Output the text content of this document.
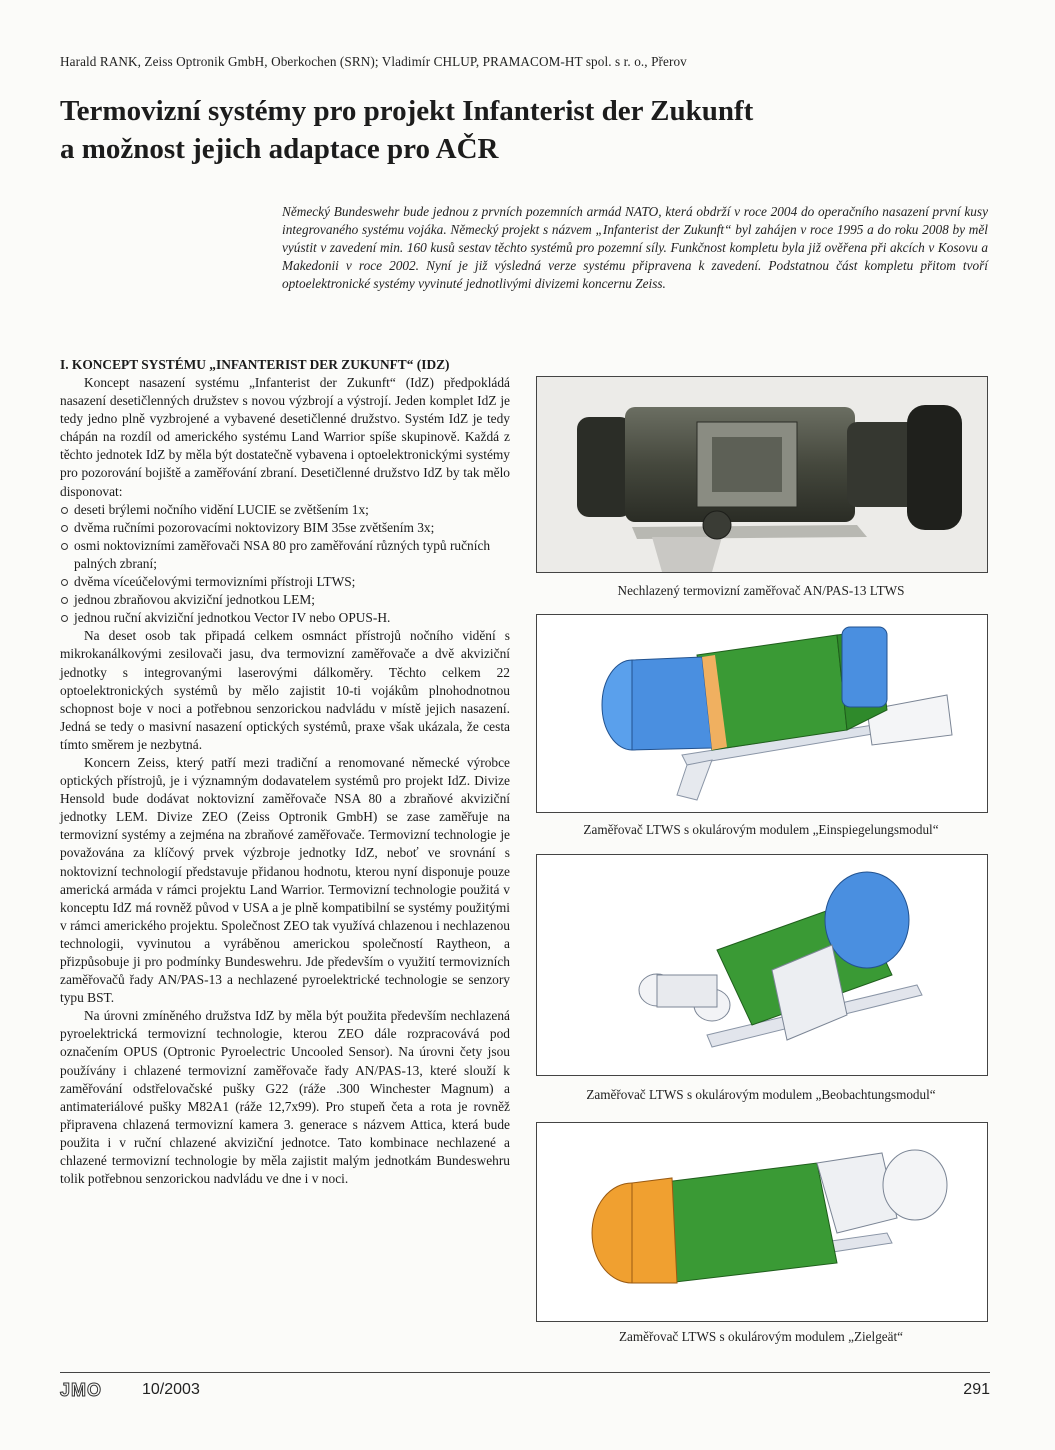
Harald RANK, Zeiss Optronik GmbH, Oberkochen (SRN); Vladimír CHLUP, PRAMACOM-HT spol. s r. o., Přerov
Termovizní systémy pro projekt Infanterist der Zukunft
a možnost jejich adaptace pro AČR
Německý Bundeswehr bude jednou z prvních pozemních armád NATO, která obdrží v roce 2004 do operačního nasazení první kusy integrovaného systému vojáka. Německý projekt s názvem „Infanterist der Zukunft“ byl zahájen v roce 1995 a do roku 2008 by měl vyústit v zavedení min. 160 kusů sestav těchto systémů pro pozemní síly. Funkčnost kompletu byla již ověřena při akcích v Kosovu a Makedonii v roce 2002. Nyní je již výsledná verze systému připravena k zavedení. Podstatnou část kompletu přitom tvoří optoelektronické systémy vyvinuté jednotlivými divizemi koncernu Zeiss.
I. KONCEPT SYSTÉMU „INFANTERIST DER ZUKUNFT“ (IDZ)

Koncept nasazení systému „Infanterist der Zukunft“ (IdZ) předpokládá nasazení desetičlenných družstev s novou výzbrojí a výstrojí. Jeden komplet IdZ je tedy jedno plně vyzbrojené a vybavené desetičlenné družstvo. Systém IdZ je tedy chápán na rozdíl od amerického systému Land Warrior spíše skupinově. Každá z těchto jednotek IdZ by měla být dostatečně vybavena i optoelektronickými systémy pro pozorování bojiště a zaměřování zbraní. Desetičlenné družstvo IdZ by tak mělo disponovat:

deseti brýlemi nočního vidění LUCIE se zvětšením 1x;
dvěma ručními pozorovacími noktovizory BIM 35se zvětšením 3x;
osmi noktovizními zaměřovači NSA 80 pro zaměřování různých typů ručních palných zbraní;
dvěma víceúčelovými termovizními přístroji LTWS;
jednou zbraňovou akviziční jednotkou LEM;
jednou ruční akviziční jednotkou Vector IV nebo OPUS-H.

Na deset osob tak připadá celkem osmnáct přístrojů nočního vidění s mikrokanálkovými zesilovači jasu, dva termovizní zaměřovače a dvě akviziční jednotky s integrovanými laserovými dálkoměry. Těchto celkem 22 optoelektronických systémů by mělo zajistit 10-ti vojákům plnohodnotnou schopnost boje v noci a potřebnou senzorickou nadvládu v místě jejich nasazení. Jedná se tedy o masivní nasazení optických systémů, praxe však ukázala, že cesta tímto směrem je nezbytná.

Koncern Zeiss, který patří mezi tradiční a renomované německé výrobce optických přístrojů, je i významným dodavatelem systémů pro projekt IdZ. Divize Hensold bude dodávat noktovizní zaměřovače NSA 80 a zbraňové akviziční jednotky LEM. Divize ZEO (Zeiss Optronik GmbH) se zase zaměřuje na termovizní systémy a zejména na zbraňové zaměřovače. Termovizní technologie je považována za klíčový prvek výzbroje jednotky IdZ, neboť ve srovnání s noktovizní technologií představuje přidanou hodnotu, kterou nyní disponuje pouze americká armáda v rámci projektu Land Warrior. Termovizní technologie použitá v konceptu IdZ má rovněž původ v USA a je plně kompatibilní se systémy použitými v rámci amerického projektu. Společnost ZEO tak využívá chlazenou i nechlazenou technologii, vyvinutou a vyráběnou americkou společností Raytheon, a přizpůsobuje ji pro podmínky Bundeswehru. Jde především o využití termovizních zaměřovačů řady AN/PAS-13 a nechlazené pyroelektrické technologie se senzory typu BST.

Na úrovni zmíněného družstva IdZ by měla být použita především nechlazená pyroelektrická termovizní technologie, kterou ZEO dále rozpracovává pod označením OPUS (Optronic Pyroelectric Uncooled Sensor). Na úrovni čety jsou používány i chlazené termovizní zaměřovače řady AN/PAS-13, které slouží k zaměřování odstřelovačské pušky G22 (ráže .300 Winchester Magnum) a antimateriálové pušky M82A1 (ráže 12,7x99). Pro stupeň četa a rota je rovněž připravena chlazená termovizní kamera 3. generace s názvem Attica, která bude použita i v ruční chlazené akviziční jednotce. Tato kombinace nechlazené a chlazené termovizní technologie by měla zajistit malým jednotkám Bundeswehru tolik potřebnou senzorickou nadvládu ve dne i v noci.

Nechlazený termovizní zaměřovač AN/PAS-13 LTWS
Zaměřovač LTWS s okulárovým modulem „Einspiegelungsmodul“
Zaměřovač LTWS s okulárovým modulem „Beobachtungsmodul“
Zaměřovač LTWS s okulárovým modulem „Zielgeät“
JMO 10/2003	291
